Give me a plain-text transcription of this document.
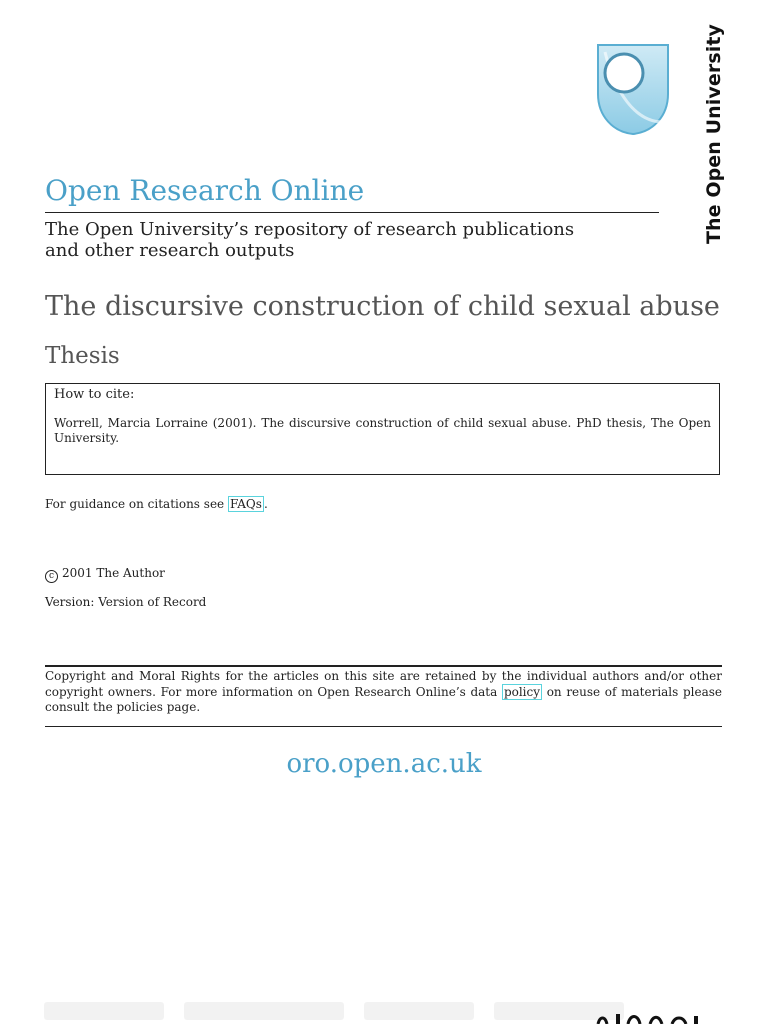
The Open University
Open Research Online
The Open University’s repository of research publications
and other research outputs
The discursive construction of child sexual abuse
Thesis

How to cite:

Worrell, Marcia Lorraine (2001). The discursive construction of child sexual abuse. PhD thesis, The Open University.
For guidance on citations see FAQs .
c 2001 The Author
Version: Version of Record
Copyright and Moral Rights for the articles on this site are retained by the individual authors and/or other copyright owners. For more information on Open Research Online’s data policy on reuse of materials please consult the policies page.
oro.open.ac.uk
